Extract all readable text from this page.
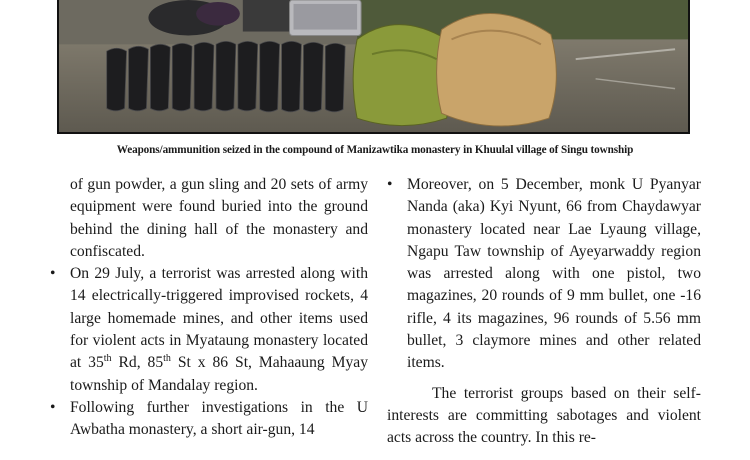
Weapons/ammunition seized in the compound of Manizawtika monastery in Khuulal village of Singu township
of gun powder, a gun sling and 20 sets of army equipment were found buried into the ground behind the dining hall of the monastery and confiscated.
• On 29 July, a terrorist was arrested along with 14 electrically-triggered improvised rockets, 4 large homemade mines, and other items used for violent acts in Myataung monastery located at 35th Rd, 85th St x 86 St, Mahaaung Myay township of Mandalay region.
• Following further investigations in the U Awbatha monastery, a short air-gun, 14
• Moreover, on 5 December, monk U Pyanyar Nanda (aka) Kyi Nyunt, 66 from Chaydawyar monastery located near Lae Lyaung village, Ngapu Taw township of Ayeyarwaddy region was arrested along with one pistol, two magazines, 20 rounds of 9 mm bullet, one -16 rifle, 4 its magazines, 96 rounds of 5.56 mm bullet, 3 claymore mines and other related items.
The terrorist groups based on their self-interests are committing sabotages and violent acts across the country. In this re-
